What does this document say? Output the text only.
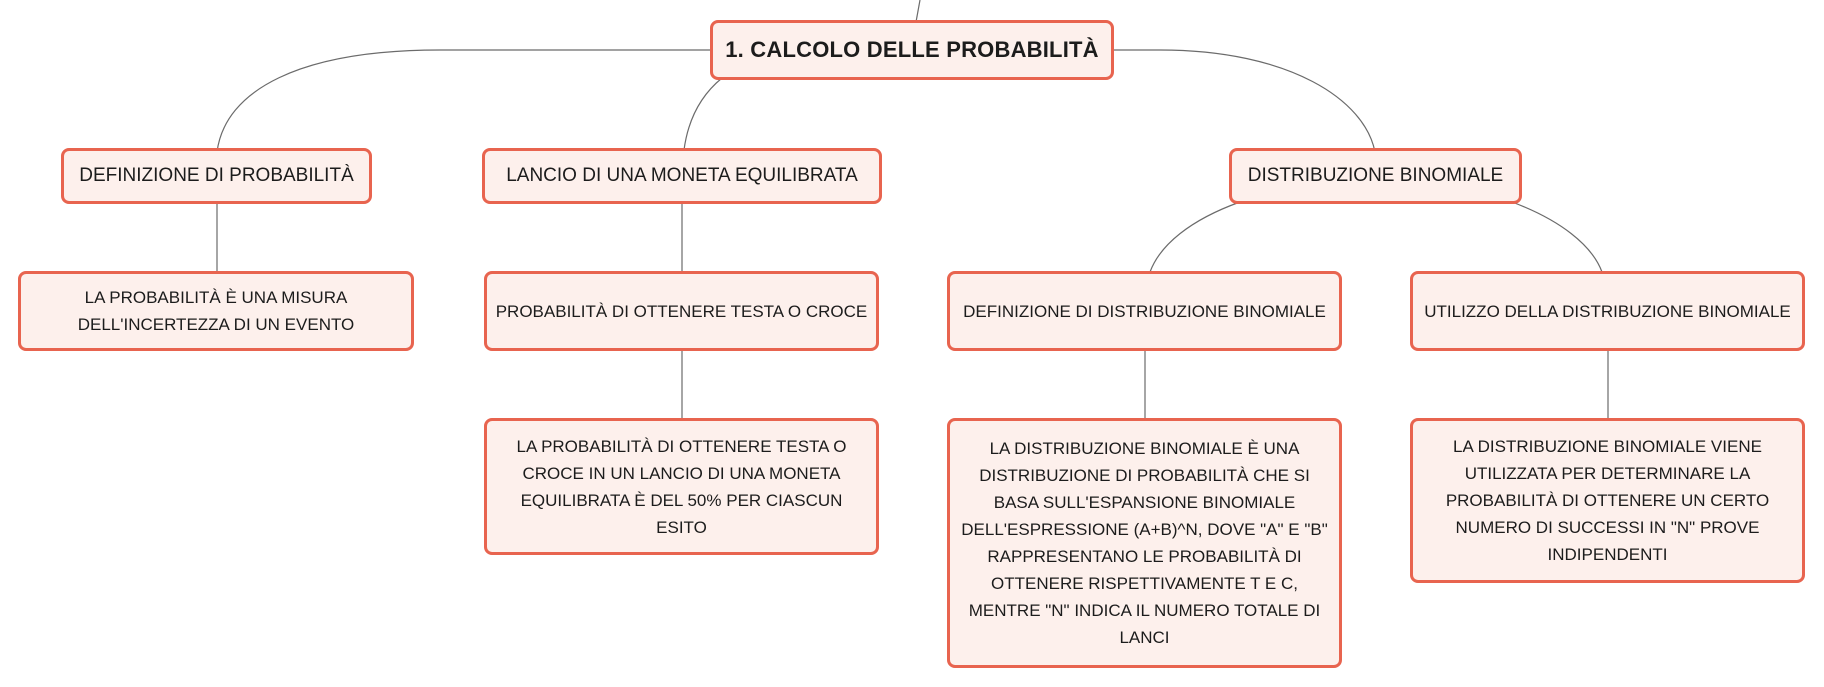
1. CALCOLO DELLE PROBABILITÀ
DEFINIZIONE DI PROBABILITÀ	LANCIO DI UNA MONETA EQUILIBRATA	DISTRIBUZIONE BINOMIALE
LA PROBABILITÀ È UNA MISURA DELL'INCERTEZZA DI UN EVENTO
PROBABILITÀ DI OTTENERE TESTA O CROCE	DEFINIZIONE DI DISTRIBUZIONE BINOMIALE	UTILIZZO DELLA DISTRIBUZIONE BINOMIALE
LA PROBABILITÀ DI OTTENERE TESTA O CROCE IN UN LANCIO DI UNA MONETA EQUILIBRATA È DEL 50% PER CIASCUN ESITO
LA DISTRIBUZIONE BINOMIALE È UNA DISTRIBUZIONE DI PROBABILITÀ CHE SI BASA SULL'ESPANSIONE BINOMIALE DELL'ESPRESSIONE (A+B)^N, DOVE "A" E "B" RAPPRESENTANO LE PROBABILITÀ DI OTTENERE RISPETTIVAMENTE T E C, MENTRE "N" INDICA IL NUMERO TOTALE DI LANCI
LA DISTRIBUZIONE BINOMIALE VIENE UTILIZZATA PER DETERMINARE LA PROBABILITÀ DI OTTENERE UN CERTO NUMERO DI SUCCESSI IN "N" PROVE INDIPENDENTI
